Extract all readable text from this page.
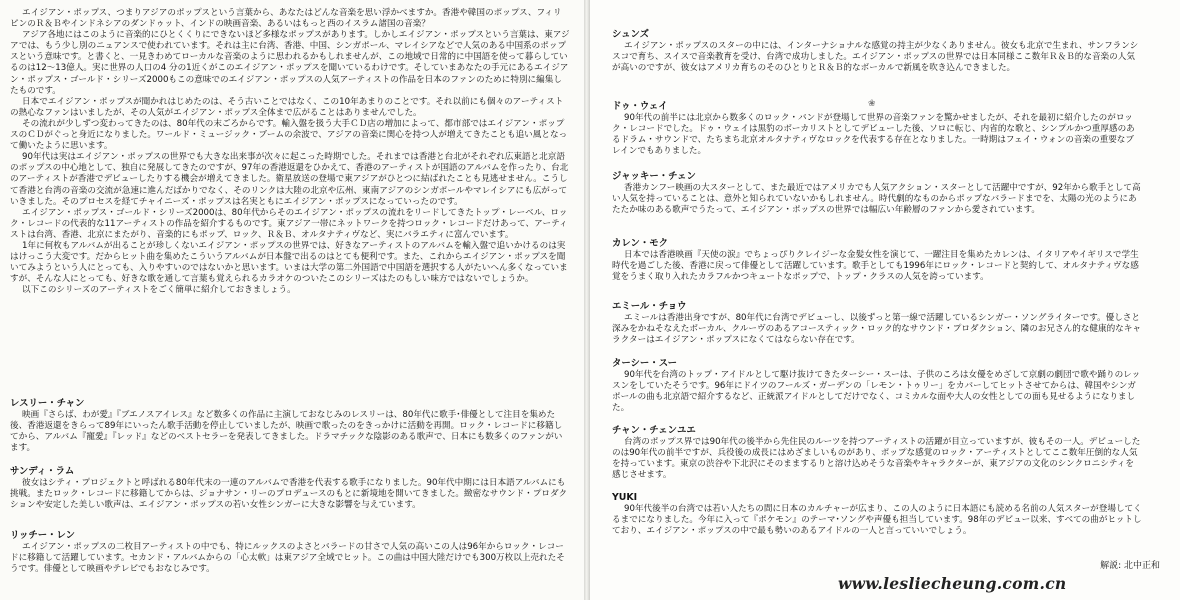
エイジアン・ポップス、つまりアジアのポップスという言葉から、あなたはどんな音楽を思い浮かべますか。香港や韓国のポップス、フィリピンのＲ＆Ｂやインドネシアのダンドゥット、インドの映画音楽、あるいはもっと西のイスラム諸国の音楽？

アジア各地にはこのように音楽的にひとくくりにできないほど多様なポップスがあります。しかしエイジアン・ポップスという言葉は、東アジアでは、もう少し別のニュアンスで使われています。それは主に台湾、香港、中国、シンガポール、マレイシアなどで人気のある中国系のポップスという意味です。と書くと、一見きわめてローカルな音楽のように思われるかもしれませんが、この地域で日常的に中国語を使って暮らしているのは12〜13億人。実に世界の人口の4 分の1近くがこのエイジアン・ポップスを聞いているわけです。そしていまあなたの手元にあるエイジアン・ポップス・ゴールド・シリーズ2000もこの意味でのエイジアン・ポップスの人気アーティストの作品を日本のファンのために特別に編集したものです。

日本でエイジアン・ポップスが聞かれはじめたのは、そう古いことではなく、この10年あまりのことです。それ以前にも個々のアーティストの熱心なファンはいましたが、その人気がエイジアン・ポップス全体まで広がることはありませんでした。

その流れが少しずつ変わってきたのは、80年代の末ごろからです。輸入盤を扱う大手ＣＤ店の増加によって、都市部ではエイジアン・ポップスのＣＤがぐっと身近になりました。ワールド・ミュージック・ブームの余波で、アジアの音楽に関心を持つ人が増えてきたことも追い風となって働いたように思います。

90年代は実はエイジアン・ポップスの世界でも大きな出来事が次々に起こった時期でした。それまでは香港と台北がそれぞれ広東語と北京語のポップスの中心地として、独自に発展してきたのですが、97年の香港返還をひかえて、香港のアーティストが国語のアルバムを作ったり、台北のアーティストが香港でデビューしたりする機会が増えてきました。衛星放送の登場で東アジアがひとつに結ばれたことも見逃せません。こうして香港と台湾の音楽の交流が急速に進んだばかりでなく、そのリンクは大陸の北京や広州、東南アジアのシンガポールやマレイシアにも広がっていきました。そのプロセスを経てチャイニーズ・ポップスは名実ともにエイジアン・ポップスになっていったのです。

エイジアン・ポップス・ゴールド・シリーズ2000は、80年代からそのエイジアン・ポップスの流れをリードしてきたトップ・レーベル、ロック・レコードの代表的な11アーティストの作品を紹介するものです。東アジア一帯にネットワークを持つロック・レコードだけあって、アーティストは台湾、香港、北京にまたがり、音楽的にもポップ、ロック、Ｒ＆Ｂ、オルタナティヴなど、実にバラエティに富んでいます。

1年に何枚もアルバムが出ることが珍しくないエイジアン・ポップスの世界では、好きなアーティストのアルバムを輸入盤で追いかけるのは実はけっこう大変です。だからヒット曲を集めたこういうアルバムが日本盤で出るのはとても便利です。また、これからエイジアン・ポップスを聞いてみようという人にとっても、入りやすいのではないかと思います。いまは大学の第二外国語で中国語を選択する人がたいへん多くなっていますが、そんな人にとっても、好きな歌を通して言葉も覚えられるカラオケのついたこのシリーズはたのもしい味方ではないでしょうか。

以下このシリーズのアーティストをごく簡単に紹介しておきましょう。

レスリー・チャン

映画『さらば、わが愛』『ブエノスアイレス』など数多くの作品に主演しておなじみのレスリーは、80年代に歌手･俳優として注目を集めた後、香港返還をきらって89年にいったん歌手活動を停止していましたが、映画で歌ったのをきっかけに活動を再開。ロック・レコードに移籍してから、アルバム『寵愛』『レッド』などのベストセラーを発表してきました。ドラマチックな陰影のある歌声で、日本にも数多くのファンがいます。

サンディ・ラム

彼女はシティ・プロジェクトと呼ばれる80年代末の一連のアルバムで香港を代表する歌手になりました。90年代中期には日本語アルバムにも挑戦。またロック・レコードに移籍してからは、ジョナサン・リーのプロデュースのもとに新境地を開いてきました。緻密なサウンド・プロダクションや安定した美しい歌声は、エイジアン・ポップスの若い女性シンガーに大きな影響を与えています。

リッチー・レン

エイジアン・ポップスの二枚目アーティストの中でも、特にルックスのよさとバラードの甘さで人気の高いこの人は96年からロック・レコードに移籍して活躍しています。セカンド・アルバムからの「心太軟」は東アジア全域でヒット。この曲は中国大陸だけでも300万枚以上売れたそうです。俳優として映画やテレビでもおなじみです。

シュンズ

エイジアン・ポップスのスターの中には、インターナショナルな感覚の持主が少なくありません。彼女も北京で生まれ、サンフランシスコで育ち、スイスで音楽教育を受け、台湾で成功しました。エイジアン・ポップスの世界では日本同様ここ数年Ｒ＆Ｂ的な音楽の人気が高いのですが、彼女はアメリカ育ちのそのひとりとＲ＆Ｂ的なボーカルで新風を吹き込んできました。

ドゥ・ウェイ

90年代の前半には北京から数多くのロック・バンドが登場して世界の音楽ファンを驚かせましたが、それを最初に紹介したのがロック・レコードでした。ドゥ・ウェイは黒豹のボーカリストとしてデビューした後、ソロに転じ、内省的な歌と、シンプルかつ重厚感のあるドラム・サウンドで、たちまち北京オルタナティヴなロックを代表する存在となりました。一時期はフェイ・ウォンの音楽の重要なブレインでもありました。

ジャッキー・チェン

香港カンフー映画の大スターとして、また最近ではアメリカでも人気アクション・スターとして活躍中ですが、92年から歌手として高い人気を持っていることは、意外と知られていないかもしれません。時代劇的なものからポップなバラードまでを、太陽の光のようにあたたか味のある歌声でうたって、エイジアン・ポップスの世界では幅広い年齢層のファンから愛されています。

カレン・モク

日本では香港映画『天使の涙』でちょっぴりクレイジーな金髪女性を演じて、一躍注目を集めたカレンは、イタリアやイギリスで学生時代を過ごした後、香港に戻って俳優として活躍しています。歌手としても1996年にロック・レコードと契約して、オルタナティヴな感覚をうまく取り入れたカラフルかつキュートなポップで、トップ・クラスの人気を誇っています。

エミール・チョウ

エミールは香港出身ですが、80年代に台湾でデビューし、以後ずっと第一線で活躍しているシンガー・ソングライターです。優しさと深みをかねそなえたボーカル、クルーヴのあるアコースティック・ロック的なサウンド・プロダクション、隣のお兄さん的な健康的なキャラクターはエイジアン・ポップスになくてはならない存在です。

ターシー・スー

90年代を台湾のトップ・アイドルとして駆け抜けてきたターシー・スーは、子供のころは女優をめざして京劇の劇団で歌や踊りのレッスンをしていたそうです。96年にドイツのフールズ・ガーデンの「レモン・トゥリー」をカバーしてヒットさせてからは、韓国やシンガポールの曲も北京語で紹介するなど、正統派アイドルとしてだけでなく、コミカルな面や大人の女性としての面も見せるようになりました。

チャン・チェンユエ

台湾のポップス界では90年代の後半から先住民のルーツを持つアーティストの活躍が目立っていますが、彼もその一人。デビューしたのは90年代の前半ですが、兵役後の成長にはめざましいものがあり、ポップな感覚のロック・アーティストとしてここ数年圧倒的な人気を持っています。東京の渋谷や下北沢にそのままするりと溶け込めそうな音楽やキャラクターが、東アジアの文化のシンクロニシティを感じさせます。

YUKI

90年代後半の台湾では若い人たちの間に日本のカルチャーが広まり、この人のように日本語にも読める名前の人気スターが登場してくるまでになりました。今年に入って『ポケモン』のテーマ･ソングや声優も担当しています。98年のデビュー以来、すべての曲がヒットしており、エイジアン・ポップスの中で最も勢いのあるアイドルの一人と言っていいでしょう。

解説: 北中正和
❀
www.lesliecheung.com.cn
